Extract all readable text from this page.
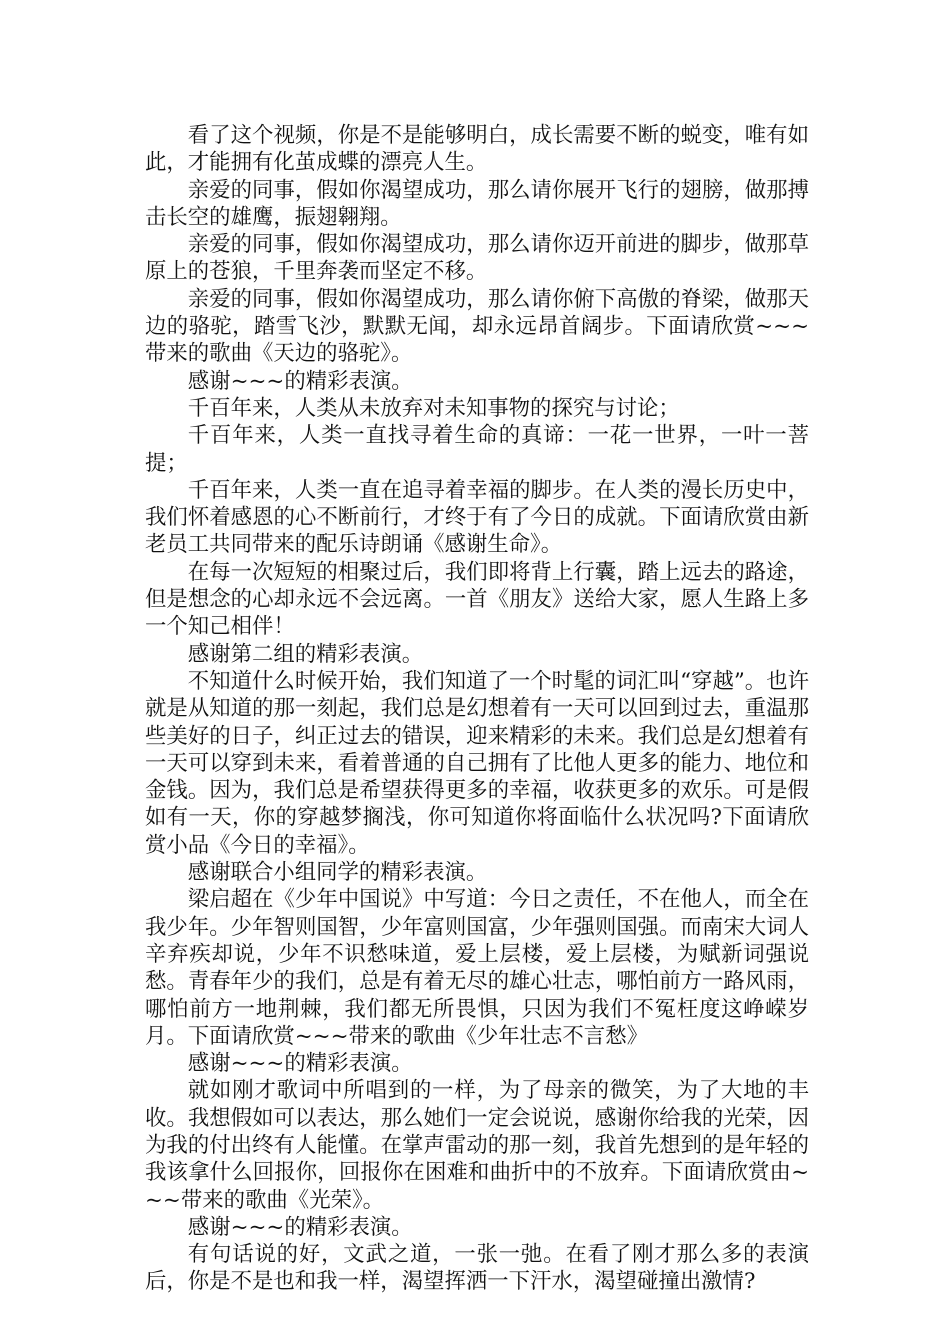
看了这个视频，你是不是能够明白，成长需要不断的蜕变，唯有如此，才能拥有化茧成蝶的漂亮人生。

亲爱的同事，假如你渴望成功，那么请你展开飞行的翅膀，做那搏击长空的雄鹰，振翅翱翔。

亲爱的同事，假如你渴望成功，那么请你迈开前进的脚步，做那草原上的苍狼，千里奔袭而坚定不移。

亲爱的同事，假如你渴望成功，那么请你俯下高傲的脊梁，做那天边的骆驼，踏雪飞沙，默默无闻，却永远昂首阔步。下面请欣赏~~~带来的歌曲《天边的骆驼》。

感谢~~~的精彩表演。

千百年来，人类从未放弃对未知事物的探究与讨论；

千百年来，人类一直找寻着生命的真谛：一花一世界，一叶一菩提；

千百年来，人类一直在追寻着幸福的脚步。在人类的漫长历史中，我们怀着感恩的心不断前行，才终于有了今日的成就。下面请欣赏由新老员工共同带来的配乐诗朗诵《感谢生命》。

在每一次短短的相聚过后，我们即将背上行囊，踏上远去的路途，但是想念的心却永远不会远离。一首《朋友》送给大家，愿人生路上多一个知己相伴！

感谢第二组的精彩表演。

不知道什么时候开始，我们知道了一个时髦的词汇叫“穿越”。也许就是从知道的那一刻起，我们总是幻想着有一天可以回到过去，重温那些美好的日子，纠正过去的错误，迎来精彩的未来。我们总是幻想着有一天可以穿到未来，看着普通的自己拥有了比他人更多的能力、地位和金钱。因为，我们总是希望获得更多的幸福，收获更多的欢乐。可是假如有一天，你的穿越梦搁浅，你可知道你将面临什么状况吗?下面请欣赏小品《今日的幸福》。

感谢联合小组同学的精彩表演。

梁启超在《少年中国说》中写道：今日之责任，不在他人，而全在我少年。少年智则国智，少年富则国富，少年强则国强。而南宋大词人辛弃疾却说，少年不识愁味道，爱上层楼，爱上层楼，为赋新词强说愁。青春年少的我们，总是有着无尽的雄心壮志，哪怕前方一路风雨，哪怕前方一地荆棘，我们都无所畏惧，只因为我们不冤枉度这峥嵘岁月。下面请欣赏~~~带来的歌曲《少年壮志不言愁》

感谢~~~的精彩表演。

就如刚才歌词中所唱到的一样，为了母亲的微笑，为了大地的丰收。我想假如可以表达，那么她们一定会说说，感谢你给我的光荣，因为我的付出终有人能懂。在掌声雷动的那一刻，我首先想到的是年轻的我该拿什么回报你，回报你在困难和曲折中的不放弃。下面请欣赏由~~~带来的歌曲《光荣》。

感谢~~~的精彩表演。

有句话说的好，文武之道，一张一弛。在看了刚才那么多的表演后，你是不是也和我一样，渴望挥洒一下汗水，渴望碰撞出激情?
